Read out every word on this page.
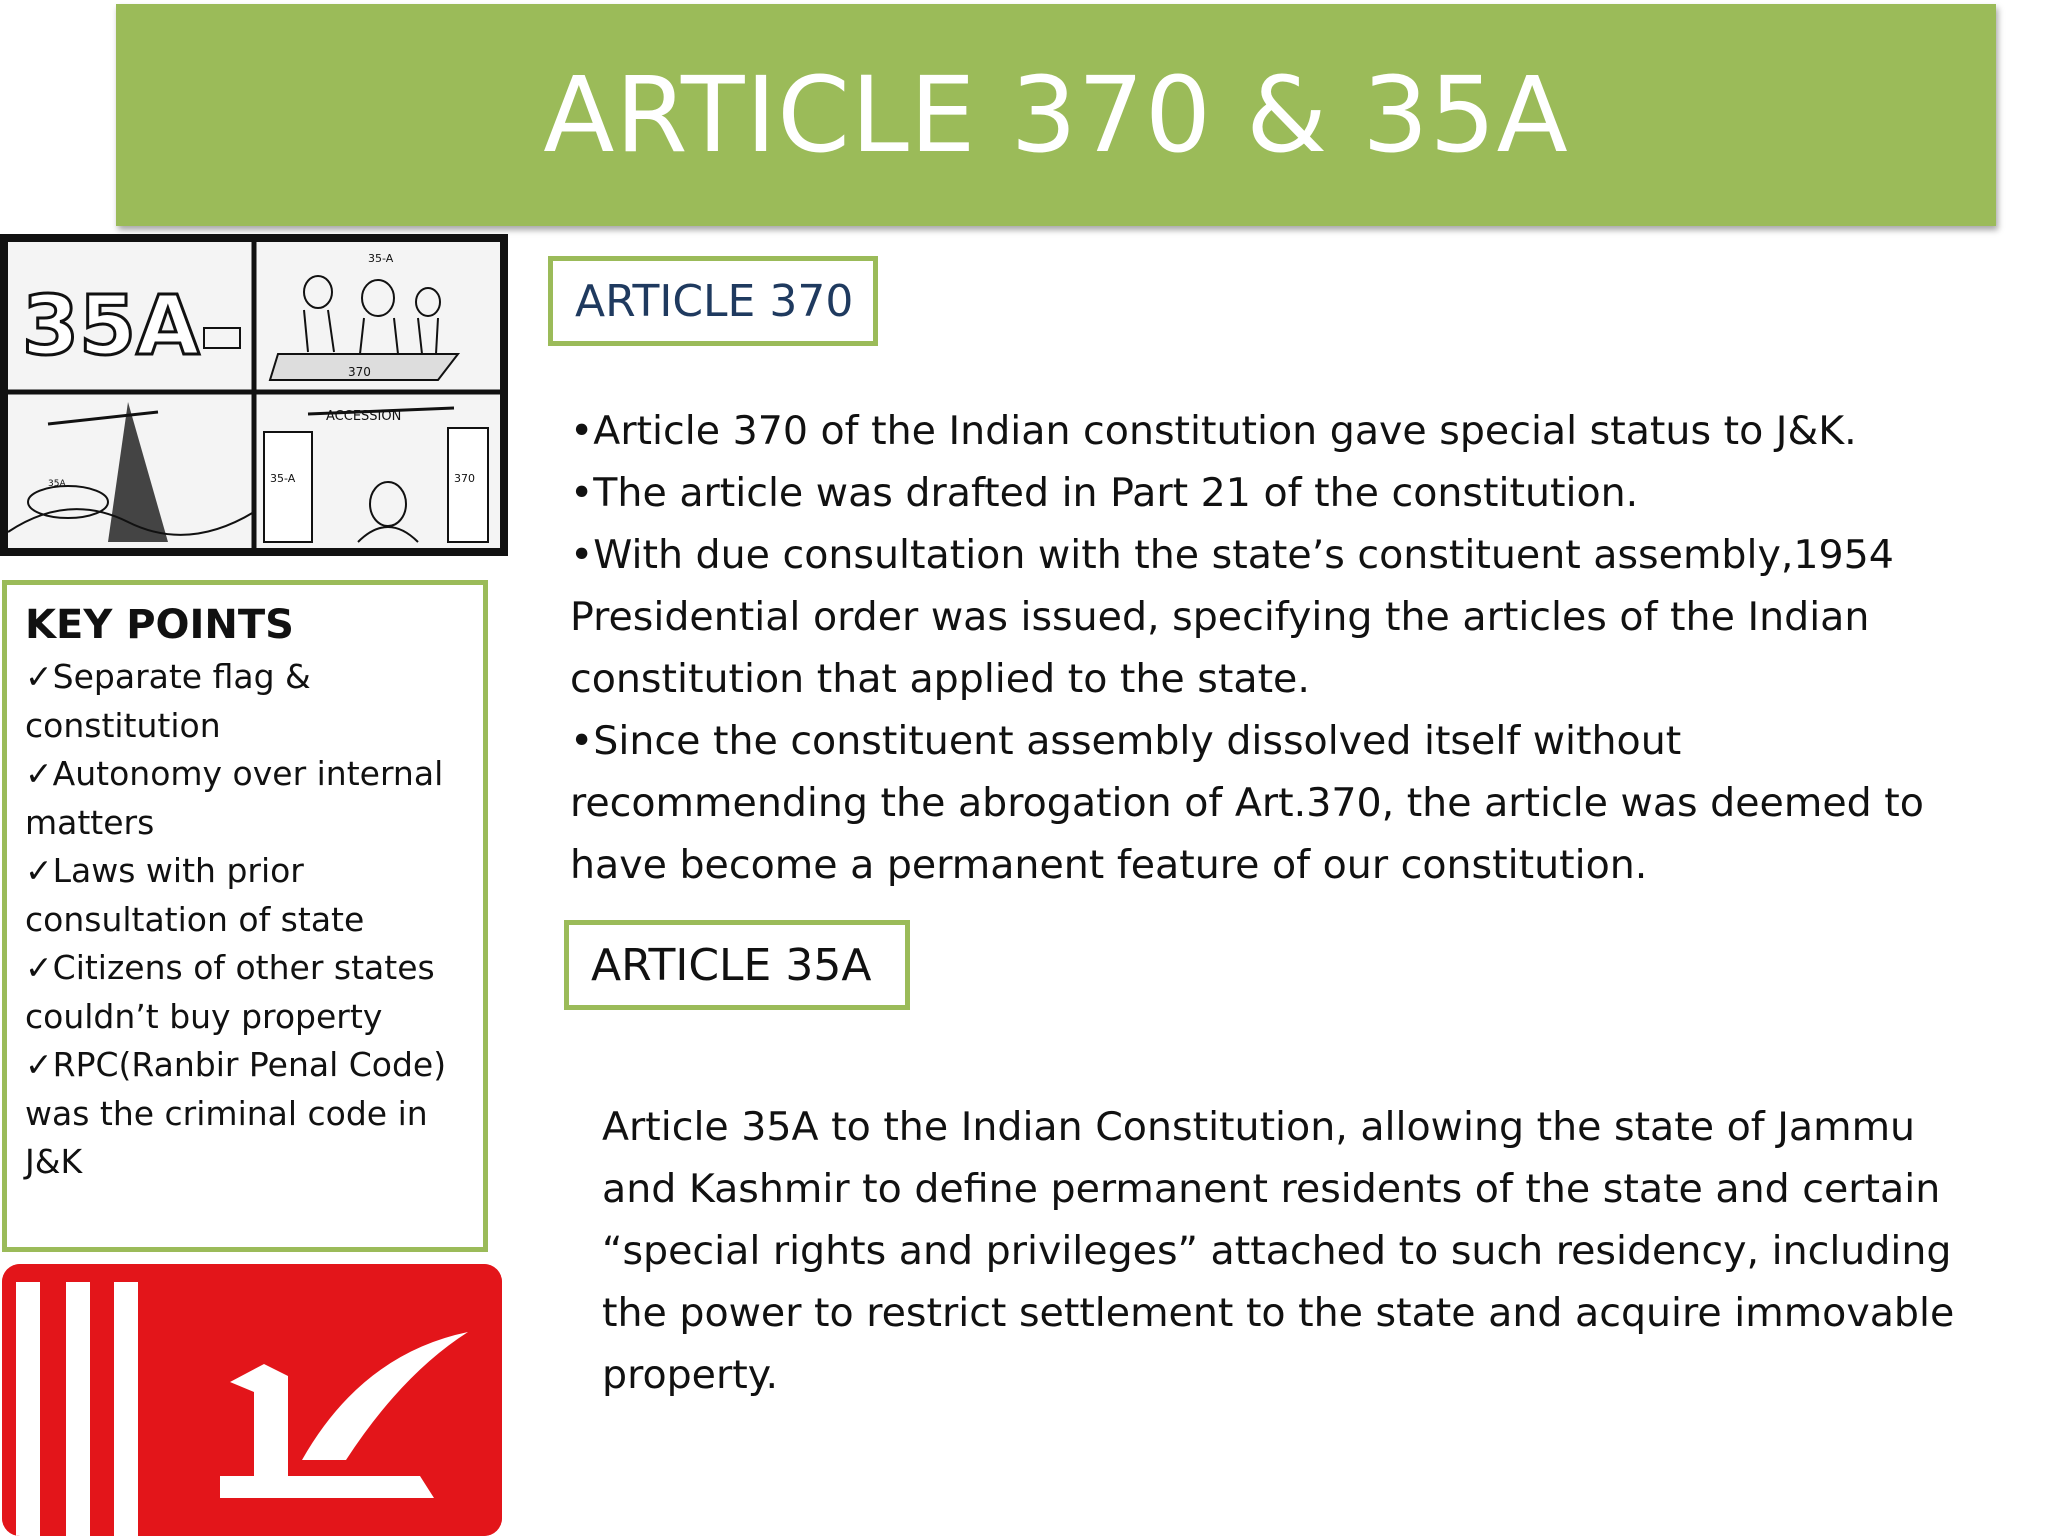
ARTICLE 370 & 35A
35A
35-A
370
35A
ACCESSION
35-A	370
ARTICLE 370

•Article 370 of the Indian constitution gave special status to J&K.

•The article was drafted in Part 21 of the constitution.

•With due consultation with the state’s constituent assembly,1954 Presidential order was issued, specifying the articles of the Indian constitution that applied to the state.

•Since the constituent assembly dissolved itself without recommending the abrogation of Art.370, the article was deemed to have become a permanent feature of our constitution.

ARTICLE 35A
Article 35A to the Indian Constitution, allowing the state of Jammu and Kashmir to define permanent residents of the state and certain “special rights and privileges” attached to such residency, including the power to restrict settlement to the state and acquire immovable property.
KEY POINTS
✓Separate flag & constitution
✓Autonomy over internal matters
✓Laws with prior consultation of state
✓Citizens of other states couldn’t buy property
✓RPC(Ranbir Penal Code) was the criminal code in J&K
